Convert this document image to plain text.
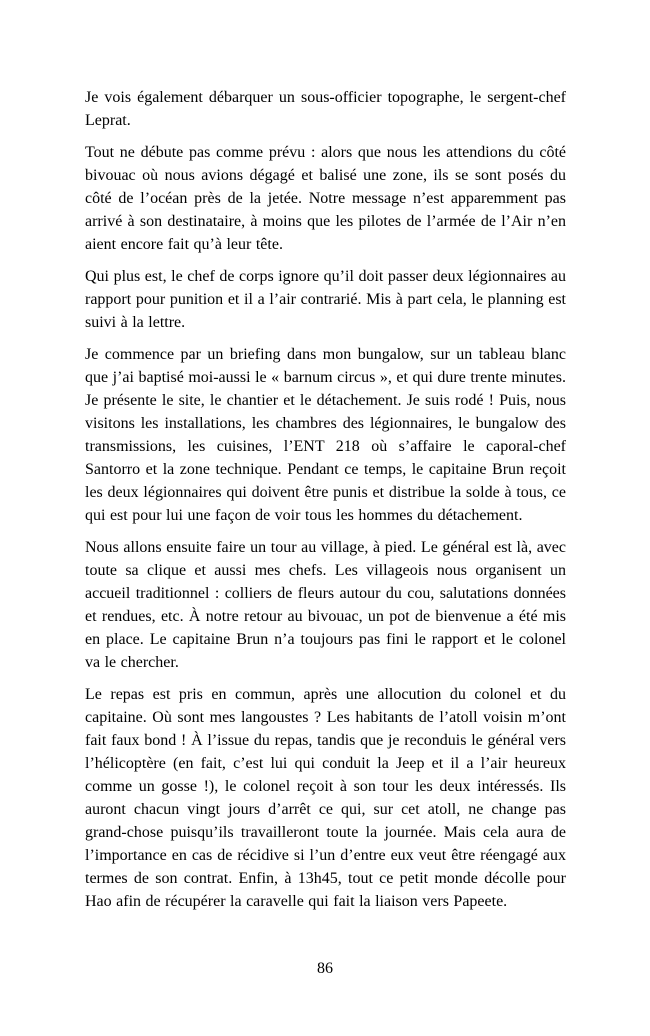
Je vois également débarquer un sous-officier topographe, le sergent-chef Leprat.

Tout ne débute pas comme prévu : alors que nous les attendions du côté bivouac où nous avions dégagé et balisé une zone, ils se sont posés du côté de l’océan près de la jetée. Notre message n’est apparemment pas arrivé à son destinataire, à moins que les pilotes de l’armée de l’Air n’en aient encore fait qu’à leur tête.

Qui plus est, le chef de corps ignore qu’il doit passer deux légionnaires au rapport pour punition et il a l’air contrarié. Mis à part cela, le planning est suivi à la lettre.

Je commence par un briefing dans mon bungalow, sur un tableau blanc que j’ai baptisé moi-aussi le « barnum circus », et qui dure trente minutes. Je présente le site, le chantier et le détachement. Je suis rodé ! Puis, nous visitons les installations, les chambres des légionnaires, le bungalow des transmissions, les cuisines, l’ENT 218 où s’affaire le caporal-chef Santorro et la zone technique. Pendant ce temps, le capitaine Brun reçoit les deux légionnaires qui doivent être punis et distribue la solde à tous, ce qui est pour lui une façon de voir tous les hommes du détachement.

Nous allons ensuite faire un tour au village, à pied. Le général est là, avec toute sa clique et aussi mes chefs. Les villageois nous organisent un accueil traditionnel : colliers de fleurs autour du cou, salutations données et rendues, etc. À notre retour au bivouac, un pot de bienvenue a été mis en place. Le capitaine Brun n’a toujours pas fini le rapport et le colonel va le chercher.

Le repas est pris en commun, après une allocution du colonel et du capitaine. Où sont mes langoustes ? Les habitants de l’atoll voisin m’ont fait faux bond ! À l’issue du repas, tandis que je reconduis le général vers l’hélicoptère (en fait, c’est lui qui conduit la Jeep et il a l’air heureux comme un gosse !), le colonel reçoit à son tour les deux intéressés. Ils auront chacun vingt jours d’arrêt ce qui, sur cet atoll, ne change pas grand-chose puisqu’ils travailleront toute la journée. Mais cela aura de l’importance en cas de récidive si l’un d’entre eux veut être réengagé aux termes de son contrat. Enfin, à 13h45, tout ce petit monde décolle pour Hao afin de récupérer la caravelle qui fait la liaison vers Papeete.

86
